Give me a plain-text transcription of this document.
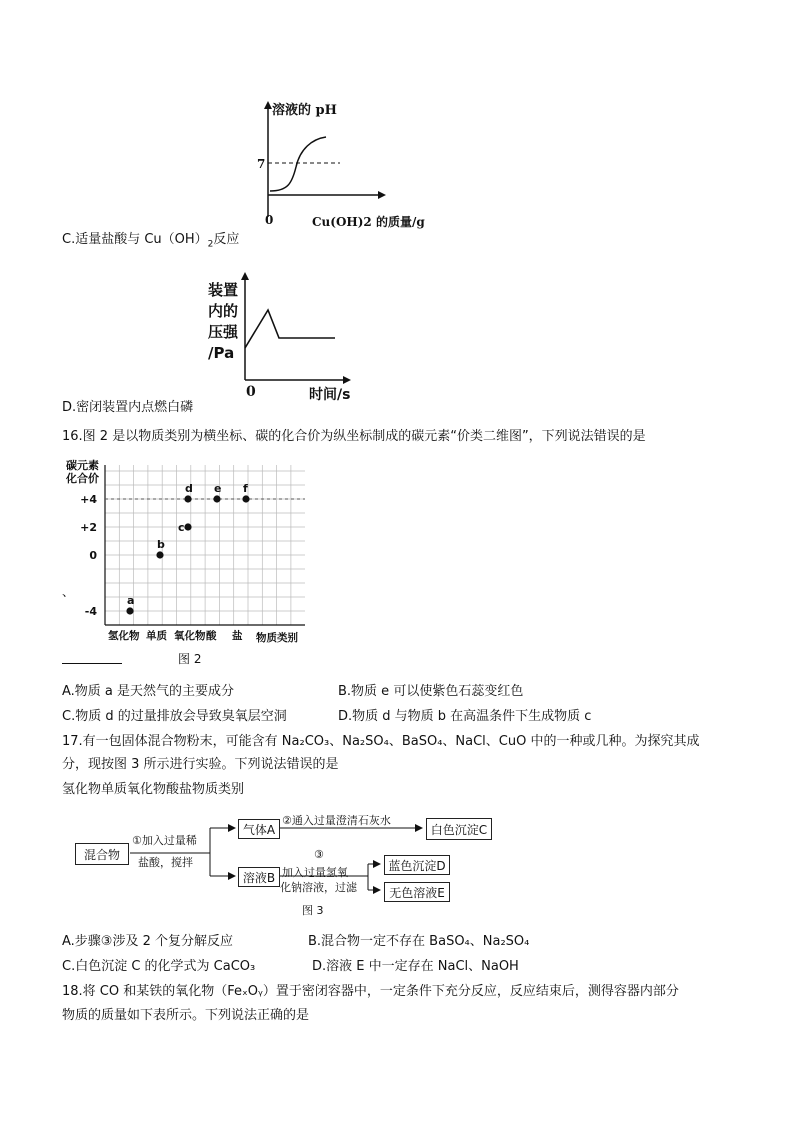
溶液的 pH
7
0	Cu(OH)2 的质量/g
C.适量盐酸与 $Cu(OH)_2$反应
装置
内的
压强
/Pa
0	时间/s
D.密闭装置内点燃白磷
16.图 2 是以物质类别为横坐标、碳的化合价为纵坐标制成的碳元素“价类二维图”，下列说法错误的是
+4
+2
0
-4
氢化物 单质 氧化物 酸 盐 物质类别
a
b
c
d e f
碳元素
化合价
、
图 2
A.物质 a 是天然气的主要成分	B.物质 e 可以使紫色石蕊变红色
C.物质 d 的过量排放会导致臭氧层空洞	D.物质 d 与物质 b 在高温条件下生成物质 c
17.有一包固体混合物粉末，可能含有 Na₂CO₃、Na₂SO₄、BaSO₄、NaCl、CuO 中的一种或几种。为探究其成
分，现按图 3 所示进行实验。下列说法错误的是
氢化物单质氧化物酸盐物质类别
混合物
①加入过量稀
盐酸，搅拌
气体A
②通入过量澄清石灰水
白色沉淀C
溶液B
③
加入过量氢氧
化钠溶液，过滤
蓝色沉淀D
无色溶液E
图 3
A.步骤③涉及 2 个复分解反应	B.混合物一定不存在 BaSO₄、Na₂SO₄
C.白色沉淀 C 的化学式为 CaCO₃	D.溶液 E 中一定存在 NaCl、NaOH
18.将 CO 和某铁的氧化物（FeₓOᵧ）置于密闭容器中，一定条件下充分反应，反应结束后，测得容器内部分
物质的质量如下表所示。下列说法正确的是
